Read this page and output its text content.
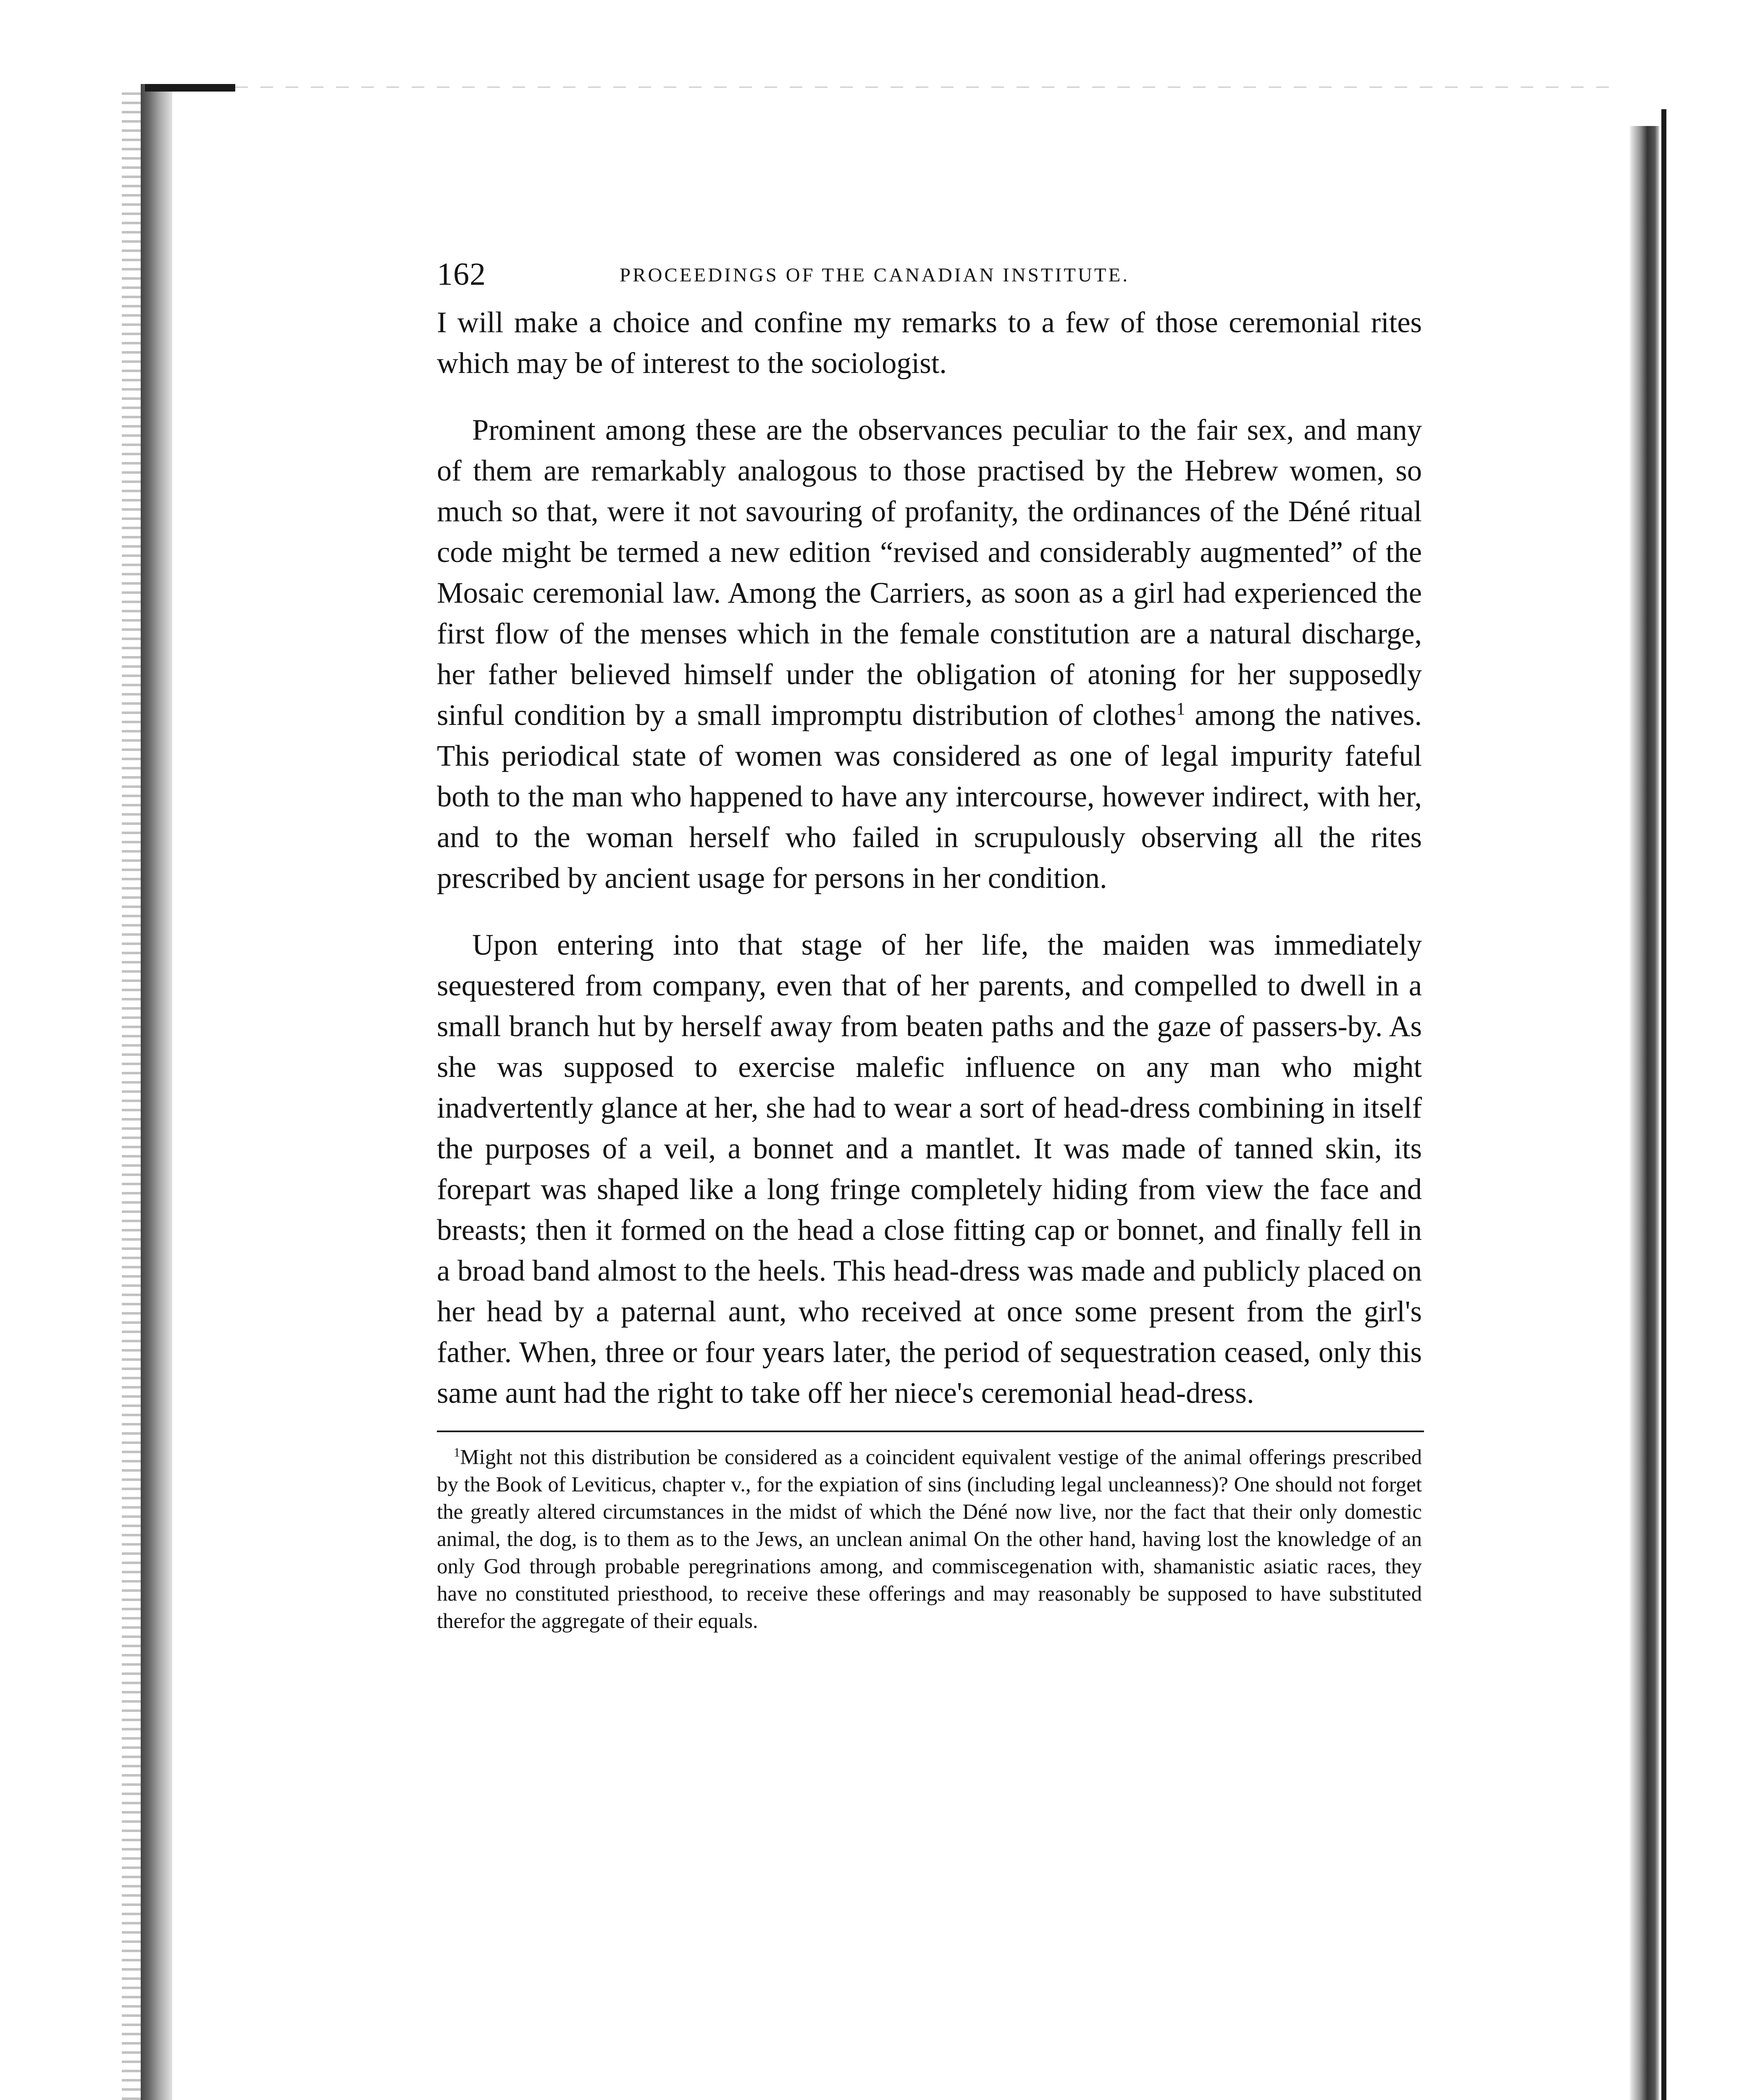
162	PROCEEDINGS OF THE CANADIAN INSTITUTE.

I will make a choice and confine my remarks to a few of those ceremonial rites which may be of interest to the sociologist.

Prominent among these are the observances peculiar to the fair sex, and many of them are remarkably analogous to those practised by the Hebrew women, so much so that, were it not savouring of profanity, the ordinances of the Déné ritual code might be termed a new edition “revised and considerably augmented” of the Mosaic ceremonial law. Among the Carriers, as soon as a girl had experienced the first flow of the menses which in the female constitution are a natural discharge, her father believed himself under the obligation of atoning for her supposedly sinful condition by a small impromptu distribution of clothes$^1$ among the natives. This periodical state of women was considered as one of legal impurity fateful both to the man who happened to have any intercourse, however indirect, with her, and to the woman herself who failed in scrupulously observing all the rites prescribed by ancient usage for persons in her condition.

Upon entering into that stage of her life, the maiden was immediately sequestered from company, even that of her parents, and compelled to dwell in a small branch hut by herself away from beaten paths and the gaze of passers-by. As she was supposed to exercise malefic influence on any man who might inadvertently glance at her, she had to wear a sort of head-dress combining in itself the purposes of a veil, a bonnet and a mantlet. It was made of tanned skin, its forepart was shaped like a long fringe completely hiding from view the face and breasts; then it formed on the head a close fitting cap or bonnet, and finally fell in a broad band almost to the heels. This head-dress was made and publicly placed on her head by a paternal aunt, who received at once some present from the girl's father. When, three or four years later, the period of sequestration ceased, only this same aunt had the right to take off her niece's ceremonial head-dress.

$^1$Might not this distribution be considered as a coincident equivalent vestige of the animal offerings prescribed by the Book of Leviticus, chapter v., for the expiation of sins (including legal uncleanness)? One should not forget the greatly altered circumstances in the midst of which the Déné now live, nor the fact that their only domestic animal, the dog, is to them as to the Jews, an unclean animal On the other hand, having lost the knowledge of an only God through probable peregrinations among, and commiscegenation with, shamanistic asiatic races, they have no constituted priesthood, to receive these offerings and may reasonably be supposed to have substituted therefor the aggregate of their equals.
